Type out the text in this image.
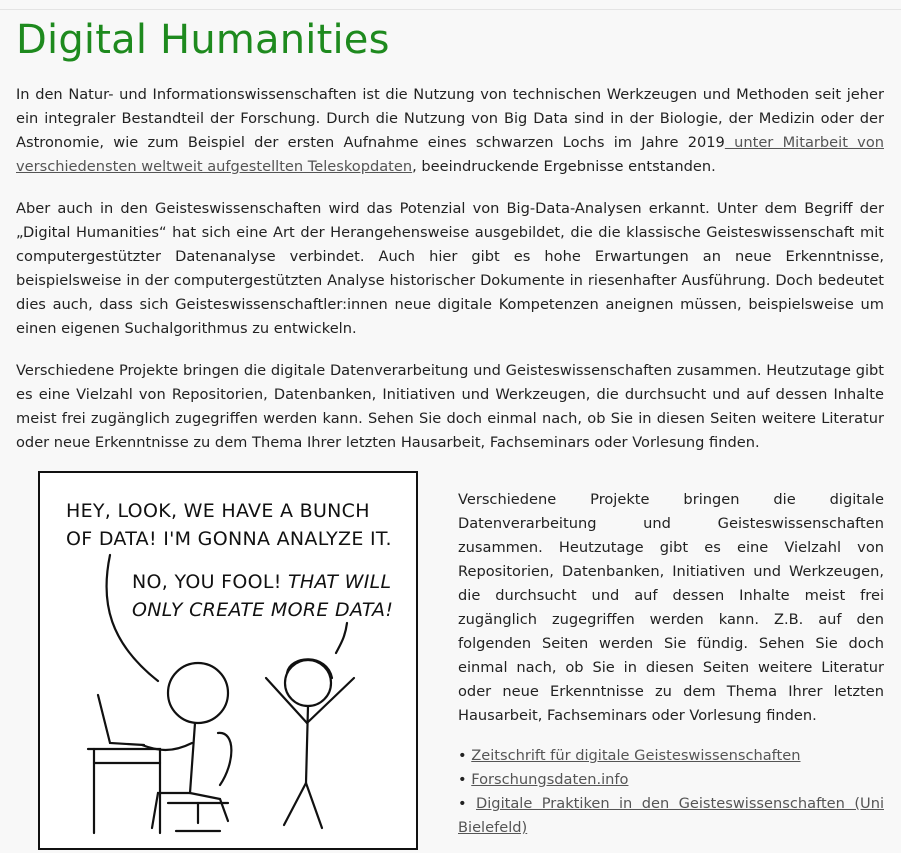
Digital Humanities

In den Natur- und Informationswissenschaften ist die Nutzung von technischen Werkzeugen und Methoden seit jeher ein integraler Bestandteil der Forschung. Durch die Nutzung von Big Data sind in der Biologie, der Medizin oder der Astronomie, wie zum Beispiel der ersten Aufnahme eines schwarzen Lochs im Jahre 2019 unter Mitarbeit von verschiedensten weltweit aufgestellten Teleskopdaten, beeindruckende Ergebnisse entstanden.

Aber auch in den Geisteswissenschaften wird das Potenzial von Big-Data-Analysen erkannt. Unter dem Begriff der „Digital Humanities“ hat sich eine Art der Herangehensweise ausgebildet, die die klassische Geisteswissenschaft mit computergestützter Datenanalyse verbindet. Auch hier gibt es hohe Erwartungen an neue Erkenntnisse, beispielsweise in der computergestützten Analyse historischer Dokumente in riesenhafter Ausführung. Doch bedeutet dies auch, dass sich Geisteswissenschaftler:innen neue digitale Kompetenzen aneignen müssen, beispielsweise um einen eigenen Suchalgorithmus zu entwickeln.

Verschiedene Projekte bringen die digitale Datenverarbeitung und Geisteswissenschaften zusammen. Heutzutage gibt es eine Vielzahl von Repositorien, Datenbanken, Initiativen und Werkzeugen, die durchsucht und auf dessen Inhalte meist frei zugänglich zugegriffen werden kann. Sehen Sie doch einmal nach, ob Sie in diesen Seiten weitere Literatur oder neue Erkenntnisse zu dem Thema Ihrer letzten Hausarbeit, Fachseminars oder Vorlesung finden.

HEY, LOOK, WE HAVE A BUNCH
OF DATA! I'M GONNA ANALYZE IT.
NO, YOU FOOL! THAT WILL
ONLY CREATE MORE DATA!
Verschiedene Projekte bringen die digitale Datenverarbeitung und Geisteswissenschaften zusammen. Heutzutage gibt es eine Vielzahl von Repositorien, Datenbanken, Initiativen und Werkzeugen, die durchsucht und auf dessen Inhalte meist frei zugänglich zugegriffen werden kann. Z.B. auf den folgenden Seiten werden Sie fündig. Sehen Sie doch einmal nach, ob Sie in diesen Seiten weitere Literatur oder neue Erkenntnisse zu dem Thema Ihrer letzten Hausarbeit, Fachseminars oder Vorlesung finden.
• Zeitschrift für digitale Geisteswissenschaften
• Forschungsdaten.info
• Digitale Praktiken in den Geisteswissenschaften (Uni Bielefeld)
